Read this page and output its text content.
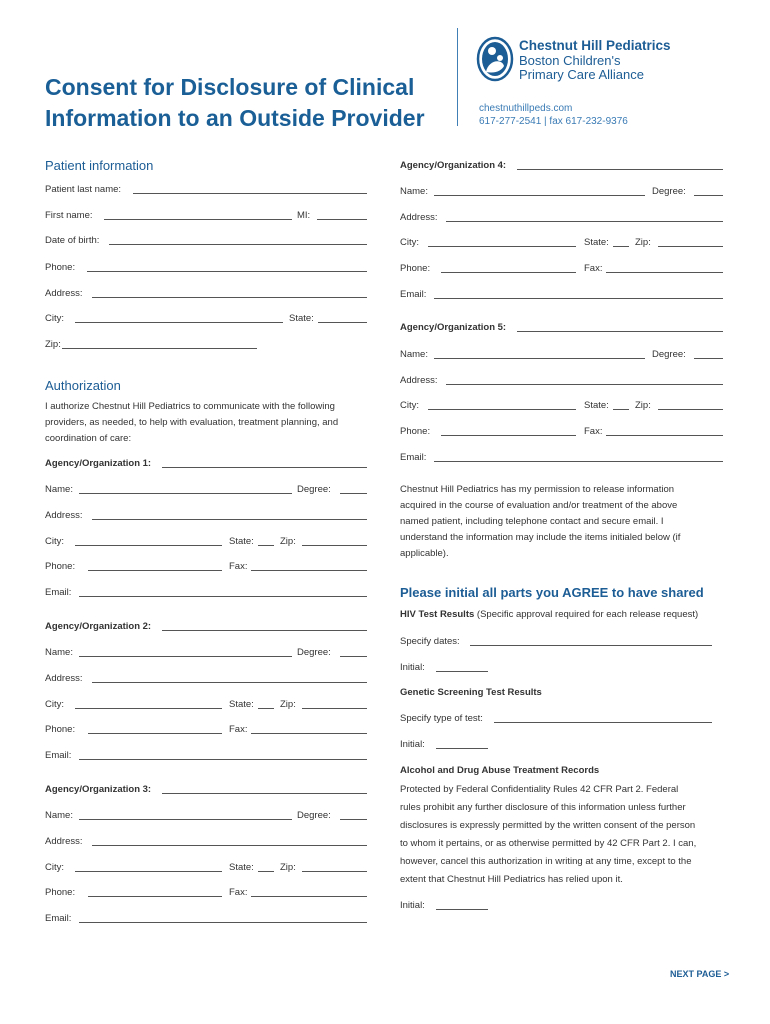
Consent for Disclosure of Clinical
Information to an Outside Provider
Chestnut Hill Pediatrics
Boston Children's
Primary Care Alliance
chestnuthillpeds.com
617-277-2541 | fax 617-232-9376
Patient information
Patient last name:
First name:	MI:
Date of birth:
Phone:
Address:
City:	State:
Zip:
Authorization
I authorize Chestnut Hill Pediatrics to communicate with the following
providers, as needed, to help with evaluation, treatment planning, and
coordination of care:
Agency/Organization 1:
Name:	Degree:
Address:
City:	State:	Zip:
Phone:	Fax:
Email:
Agency/Organization 2:
Name:	Degree:
Address:
City:	State:	Zip:
Phone:	Fax:
Email:
Agency/Organization 3:
Name:	Degree:
Address:
City:	State:	Zip:
Phone:	Fax:
Email:
Agency/Organization 4:
Name:	Degree:
Address:
City:	State:	Zip:
Phone:	Fax:
Email:
Agency/Organization 5:
Name:	Degree:
Address:
City:	State:	Zip:
Phone:	Fax:
Email:
Chestnut Hill Pediatrics has my permission to release information
acquired in the course of evaluation and/or treatment of the above
named patient, including telephone contact and secure email. I
understand the information may include the items initialed below (if
applicable).
Please initial all parts you AGREE to have shared
HIV Test Results (Specific approval required for each release request)
Specify dates:
Initial:
Genetic Screening Test Results
Specify type of test:
Initial:
Alcohol and Drug Abuse Treatment Records
Protected by Federal Confidentiality Rules 42 CFR Part 2. Federal
rules prohibit any further disclosure of this information unless further
disclosures is expressly permitted by the written consent of the person
to whom it pertains, or as otherwise permitted by 42 CFR Part 2. I can,
however, cancel this authorization in writing at any time, except to the
extent that Chestnut Hill Pediatrics has relied upon it.
Initial:
NEXT PAGE >
